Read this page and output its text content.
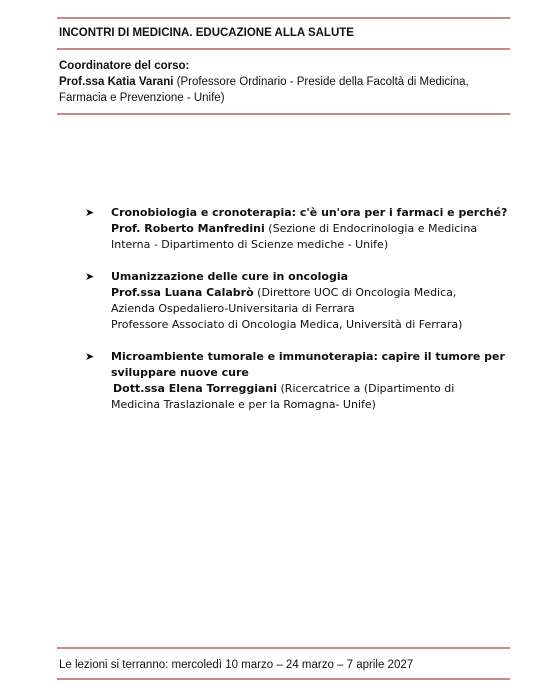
INCONTRI DI MEDICINA. EDUCAZIONE ALLA SALUTE
Coordinatore del corso:
Prof.ssa Katia Varani (Professore Ordinario - Preside della Facoltà di Medicina,
Farmacia e Prevenzione - Unife)
➤ Cronobiologia e cronoterapia: c'è un'ora per i farmaci e perché?
Prof. Roberto Manfredini (Sezione di Endocrinologia e Medicina
Interna - Dipartimento di Scienze mediche - Unife)
➤ Umanizzazione delle cure in oncologia
Prof.ssa Luana Calabrò (Direttore UOC di Oncologia Medica,
Azienda Ospedaliero-Universitaria di Ferrara
Professore Associato di Oncologia Medica, Università di Ferrara)
➤ Microambiente tumorale e immunoterapia: capire il tumore per
sviluppare nuove cure
Dott.ssa Elena Torreggiani (Ricercatrice a (Dipartimento di
Medicina Traslazionale e per la Romagna- Unife)
Le lezioni si terranno: mercoledì 10 marzo – 24 marzo – 7 aprile 2027
